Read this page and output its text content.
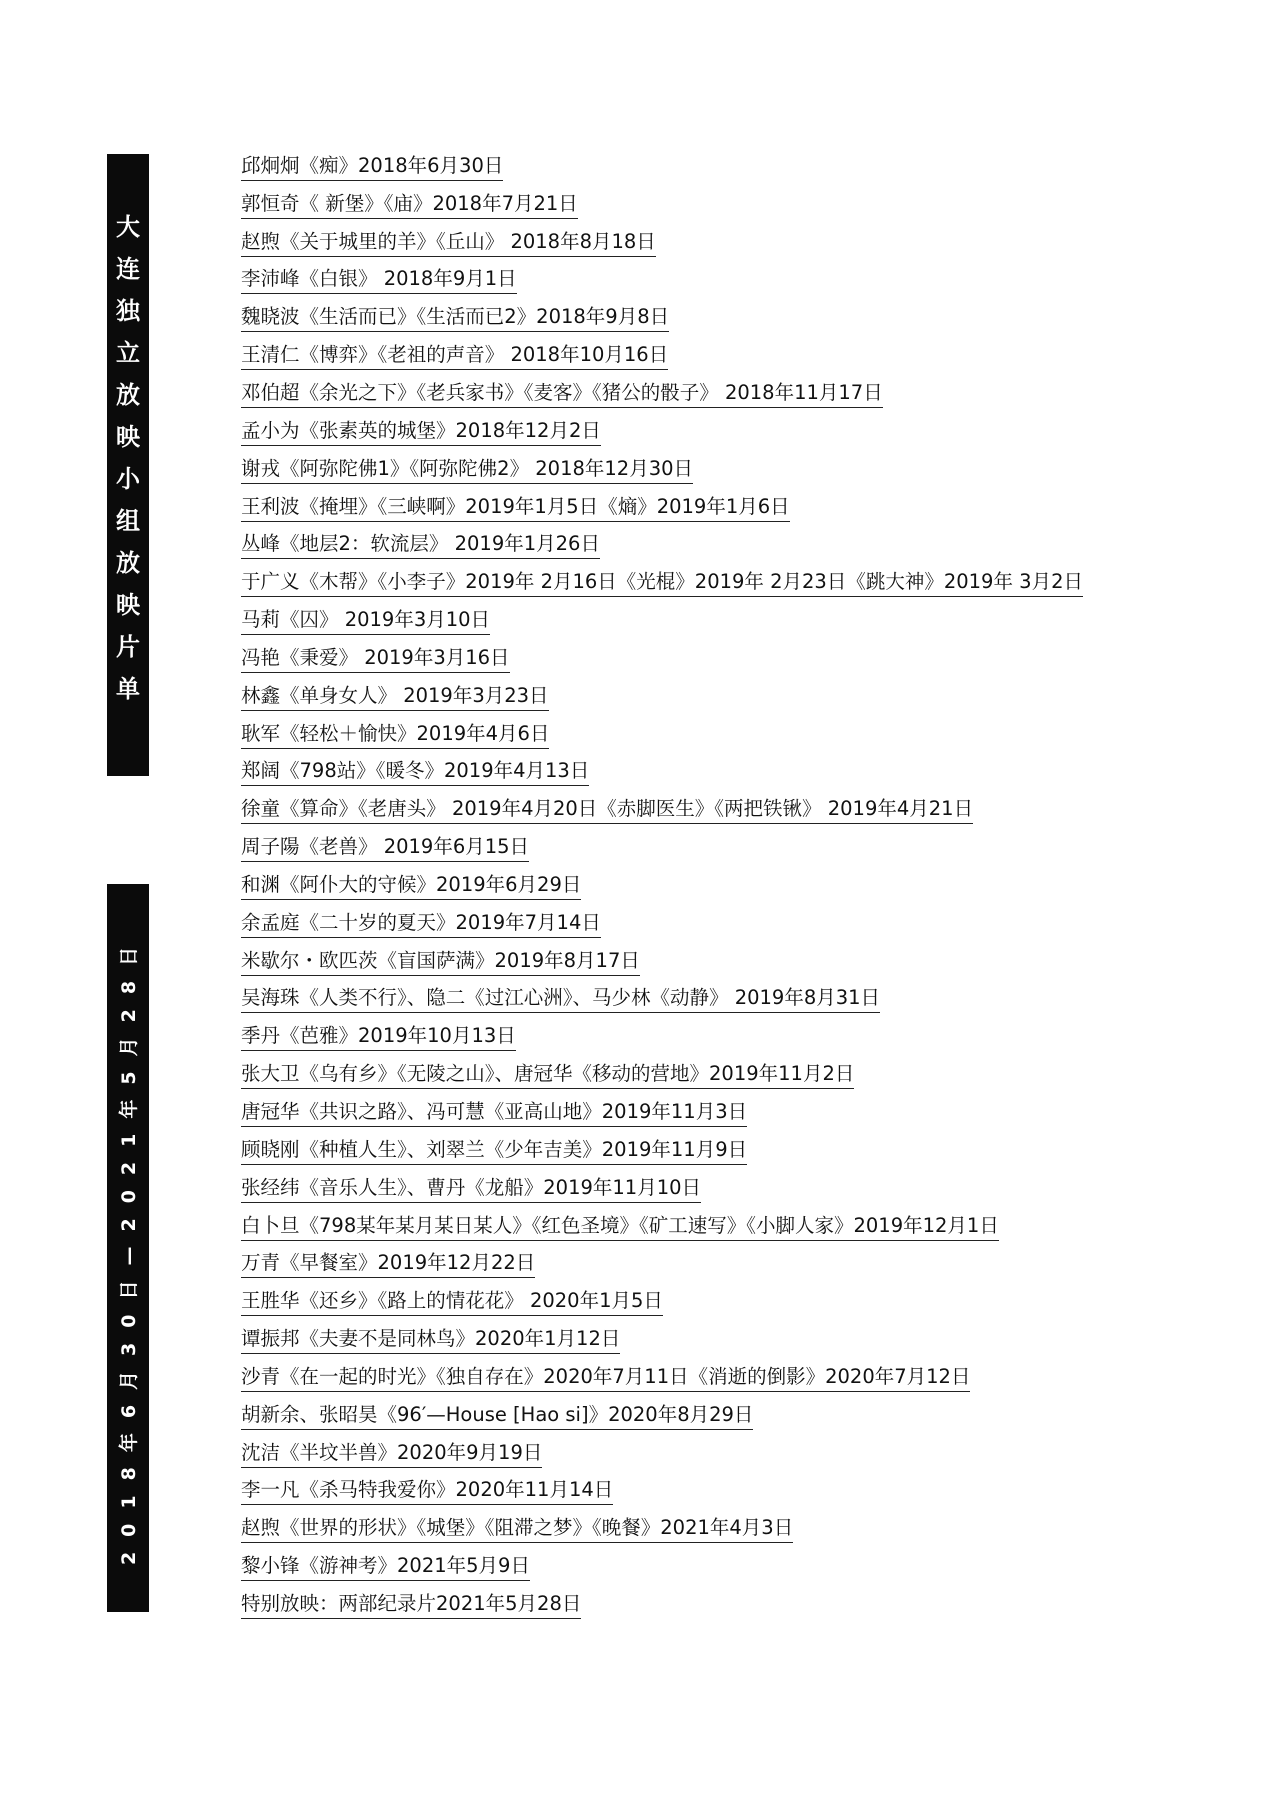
大
连
独
立
放
映
小
组
放
映
片
单
2018年6月30日—2021年5月28日
邱炯炯《痴》2018年6月30日
郭恒奇《 新堡》《庙》2018年7月21日
赵煦《关于城里的羊》《丘山》 2018年8月18日
李沛峰《白银》 2018年9月1日
魏晓波《生活而已》《生活而已2》2018年9月8日
王清仁《博弈》《老祖的声音》 2018年10月16日
邓伯超《余光之下》《老兵家书》《麦客》《猪公的骰子》 2018年11月17日
孟小为《张素英的城堡》2018年12月2日
谢戎《阿弥陀佛1》《阿弥陀佛2》 2018年12月30日
王利波《掩埋》《三峡啊》2019年1月5日《熵》2019年1月6日
丛峰《地层2：软流层》 2019年1月26日
于广义《木帮》《小李子》2019年 2月16日《光棍》2019年 2月23日《跳大神》2019年 3月2日
马莉《囚》 2019年3月10日
冯艳《秉爱》 2019年3月16日
林鑫《单身女人》 2019年3月23日
耿军《轻松＋愉快》2019年4月6日
郑阔《798站》《暖冬》2019年4月13日
徐童《算命》《老唐头》 2019年4月20日《赤脚医生》《两把铁锹》 2019年4月21日
周子陽《老兽》 2019年6月15日
和渊《阿仆大的守候》2019年6月29日
余孟庭《二十岁的夏天》2019年7月14日
米歇尔・欧匹茨《盲国萨满》2019年8月17日
吴海珠《人类不行》、隐二《过江心洲》、马少林《动静》 2019年8月31日
季丹《芭雅》2019年10月13日
张大卫《乌有乡》《无陵之山》、唐冠华《移动的营地》2019年11月2日
唐冠华《共识之路》、冯可慧《亚高山地》2019年11月3日
顾晓刚《种植人生》、刘翠兰《少年吉美》2019年11月9日
张经纬《音乐人生》、曹丹《龙船》2019年11月10日
白卜旦《798某年某月某日某人》《红色圣境》《矿工速写》《小脚人家》2019年12月1日
万青《早餐室》2019年12月22日
王胜华《还乡》《路上的情花花》 2020年1月5日
谭振邦《夫妻不是同林鸟》2020年1月12日
沙青《在一起的时光》《独自存在》2020年7月11日《消逝的倒影》2020年7月12日
胡新余、张昭昊《96′—House [Hao si]》2020年8月29日
沈洁《半坟半兽》2020年9月19日
李一凡《杀马特我爱你》2020年11月14日
赵煦《世界的形状》《城堡》《阻滞之梦》《晚餐》2021年4月3日
黎小锋《游神考》2021年5月9日
特别放映：两部纪录片2021年5月28日
